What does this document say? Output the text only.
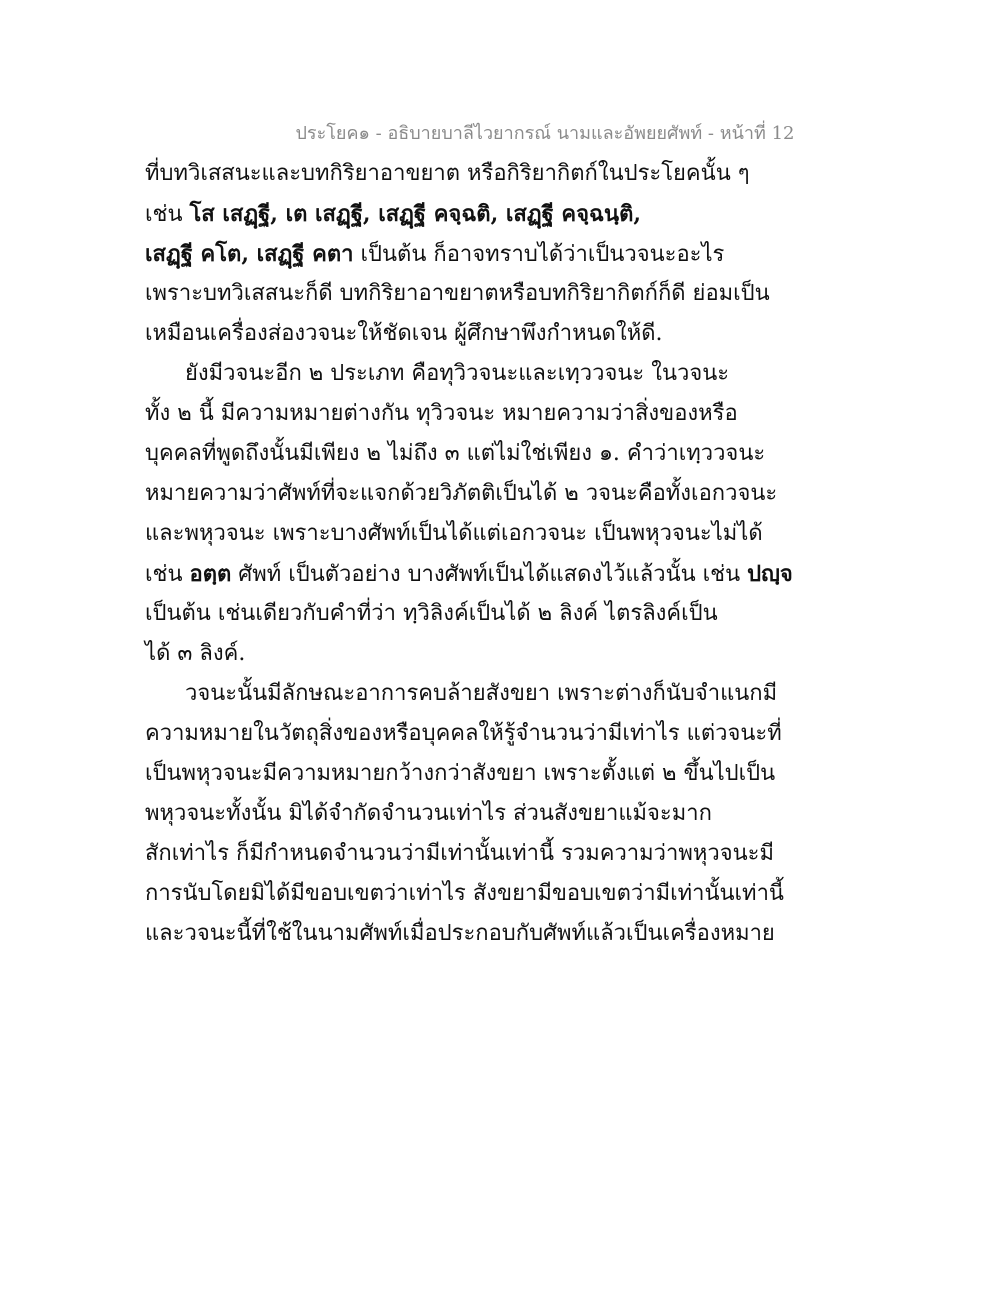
ประโยค๑ - อธิบายบาลีไวยากรณ์ นามและอัพยยศัพท์ - หน้าที่ 12
ที่บทวิเสสนะและบทกิริยาอาขยาต หรือกิริยากิตก์ในประโยคนั้น ๆ
เช่น โส เสฏฺฐี, เต เสฏฺฐี, เสฏฺฐี คจฺฉติ, เสฏฺฐี คจฺฉนฺติ,
เสฏฺฐี คโต, เสฏฺฐี คตา เป็นต้น ก็อาจทราบได้ว่าเป็นวจนะอะไร
เพราะบทวิเสสนะก็ดี บทกิริยาอาขยาตหรือบทกิริยากิตก์ก็ดี ย่อมเป็น
เหมือนเครื่องส่องวจนะให้ชัดเจน ผู้ศึกษาพึงกำหนดให้ดี.
ยังมีวจนะอีก ๒ ประเภท คือทุวิวจนะและเทฺววจนะ ในวจนะ
ทั้ง ๒ นี้ มีความหมายต่างกัน ทุวิวจนะ หมายความว่าสิ่งของหรือ
บุคคลที่พูดถึงนั้นมีเพียง ๒ ไม่ถึง ๓ แต่ไม่ใช่เพียง ๑. คำว่าเทฺววจนะ
หมายความว่าศัพท์ที่จะแจกด้วยวิภัตติเป็นได้ ๒ วจนะคือทั้งเอกวจนะ
และพหุวจนะ เพราะบางศัพท์เป็นได้แต่เอกวจนะ เป็นพหุวจนะไม่ได้
เช่น อตฺต ศัพท์ เป็นตัวอย่าง บางศัพท์เป็นได้แสดงไว้แล้วนั้น เช่น ปญฺจ
เป็นต้น เช่นเดียวกับคำที่ว่า ทฺวิลิงค์เป็นได้ ๒ ลิงค์ ไตรลิงค์เป็น
ได้ ๓ ลิงค์.
วจนะนั้นมีลักษณะอาการคบล้ายสังขยา เพราะต่างก็นับจำแนกมี
ความหมายในวัตถุสิ่งของหรือบุคคลให้รู้จำนวนว่ามีเท่าไร แต่วจนะที่
เป็นพหุวจนะมีความหมายกว้างกว่าสังขยา เพราะตั้งแต่ ๒ ขึ้นไปเป็น
พหุวจนะทั้งนั้น มิได้จำกัดจำนวนเท่าไร ส่วนสังขยาแม้จะมาก
สักเท่าไร ก็มีกำหนดจำนวนว่ามีเท่านั้นเท่านี้ รวมความว่าพหุวจนะมี
การนับโดยมิได้มีขอบเขตว่าเท่าไร สังขยามีขอบเขตว่ามีเท่านั้นเท่านี้
และวจนะนี้ที่ใช้ในนามศัพท์เมื่อประกอบกับศัพท์แล้วเป็นเครื่องหมาย
